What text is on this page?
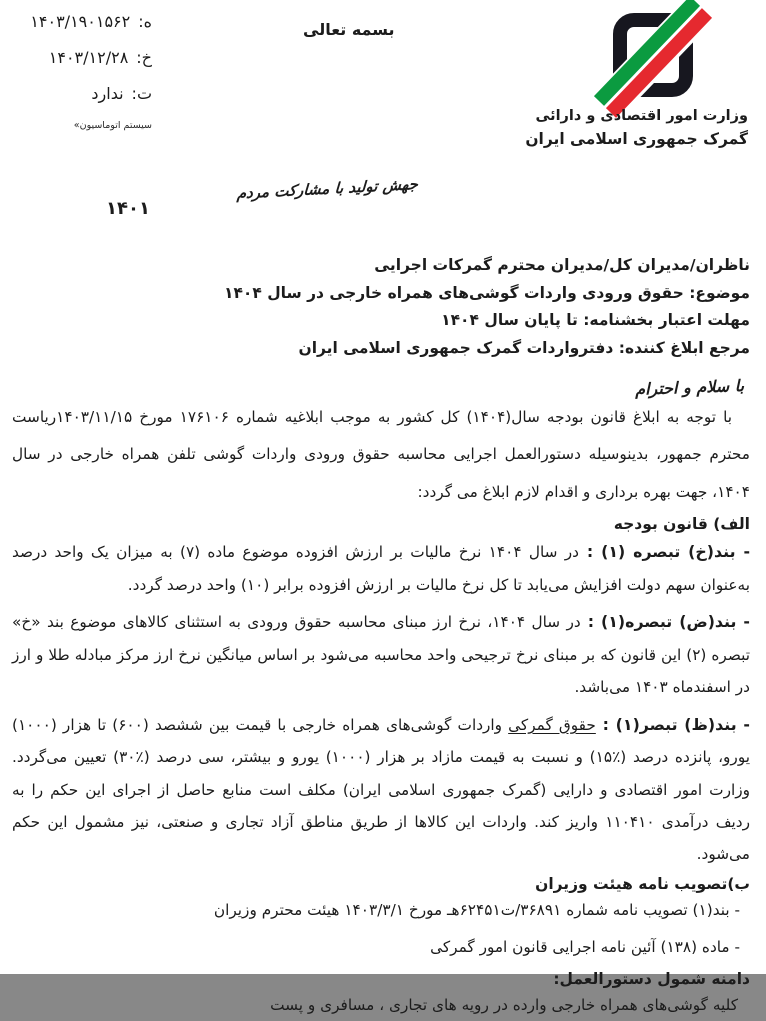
ه:۱۴۰۳/۱۹۰۱۵۶۲
خ:۱۴۰۳/۱۲/۲۸
ت:ندارد
سیستم اتوماسیون»
بسمه تعالی
وزارت امور اقتصادی و دارائی
گمرک جمهوری اسلامی ایران
جهش تولید با مشارکت مردم
۱۴۰۱

ناظران/مدیران کل/مدیران محترم گمرکات اجرایی

موضوع: حقوق ورودی واردات گوشی‌های همراه خارجی در سال ۱۴۰۴

مهلت اعتبار بخشنامه: تا پایان سال ۱۴۰۴

مرجع ابلاغ کننده: دفترواردات گمرک جمهوری اسلامی ایران

با سلام و احترام

با توجه به ابلاغ قانون بودجه سال(۱۴۰۴) کل کشور به موجب ابلاغیه شماره ۱۷۶۱۰۶ مورخ ۱۴۰۳/۱۱/۱۵ریاست محترم جمهور، بدینوسیله دستورالعمل اجرایی محاسبه حقوق ورودی واردات گوشی تلفن همراه خارجی در سال ۱۴۰۴، جهت بهره برداری و اقدام لازم ابلاغ می گردد:

الف) قانون بودجه

- بند(خ) تبصره (۱) : در سال ۱۴۰۴ نرخ مالیات بر ارزش افزوده موضوع ماده (۷) به میزان یک واحد درصد به‌عنوان سهم دولت افزایش می‌یابد تا کل نرخ مالیات بر ارزش افزوده برابر (۱۰) واحد درصد گردد.

- بند(ض) تبصره(۱) : در سال ۱۴۰۴، نرخ ارز مبنای محاسبه حقوق ورودی به استثنای کالاهای موضوع بند «خ» تبصره (۲) این قانون که بر مبنای نرخ ترجیحی واحد محاسبه می‌شود بر اساس میانگین نرخ ارز مرکز مبادله طلا و ارز در اسفندماه ۱۴۰۳ می‌باشد.

- بند(ظ) تبصر(۱) : حقوق گمرکی واردات گوشی‌های همراه خارجی با قیمت بین ششصد (۶۰۰) تا هزار (۱۰۰۰) یورو، پانزده درصد (٪۱۵) و نسبت به قیمت مازاد بر هزار (۱۰۰۰) یورو و بیشتر، سی درصد (٪۳۰) تعیین می‌گردد. وزارت امور اقتصادی و دارایی (گمرک جمهوری اسلامی ایران) مکلف است منابع حاصل از اجرای این حکم را به ردیف درآمدی ۱۱۰۴۱۰ واریز کند. واردات این کالاها از طریق مناطق آزاد تجاری و صنعتی، نیز مشمول این حکم می‌شود.

ب)تصویب نامه هیئت وزیران

- بند(۱) تصویب نامه شماره ۳۶۸۹۱/ت۶۲۴۵۱هـ مورخ ۱۴۰۳/۳/۱ هیئت محترم وزیران

- ماده (۱۳۸) آئین نامه اجرایی قانون امور گمرکی

دامنه شمول دستورالعمل:

کلیه گوشی‌های همراه خارجی وارده در رویه های تجاری ، مسافری و پست
